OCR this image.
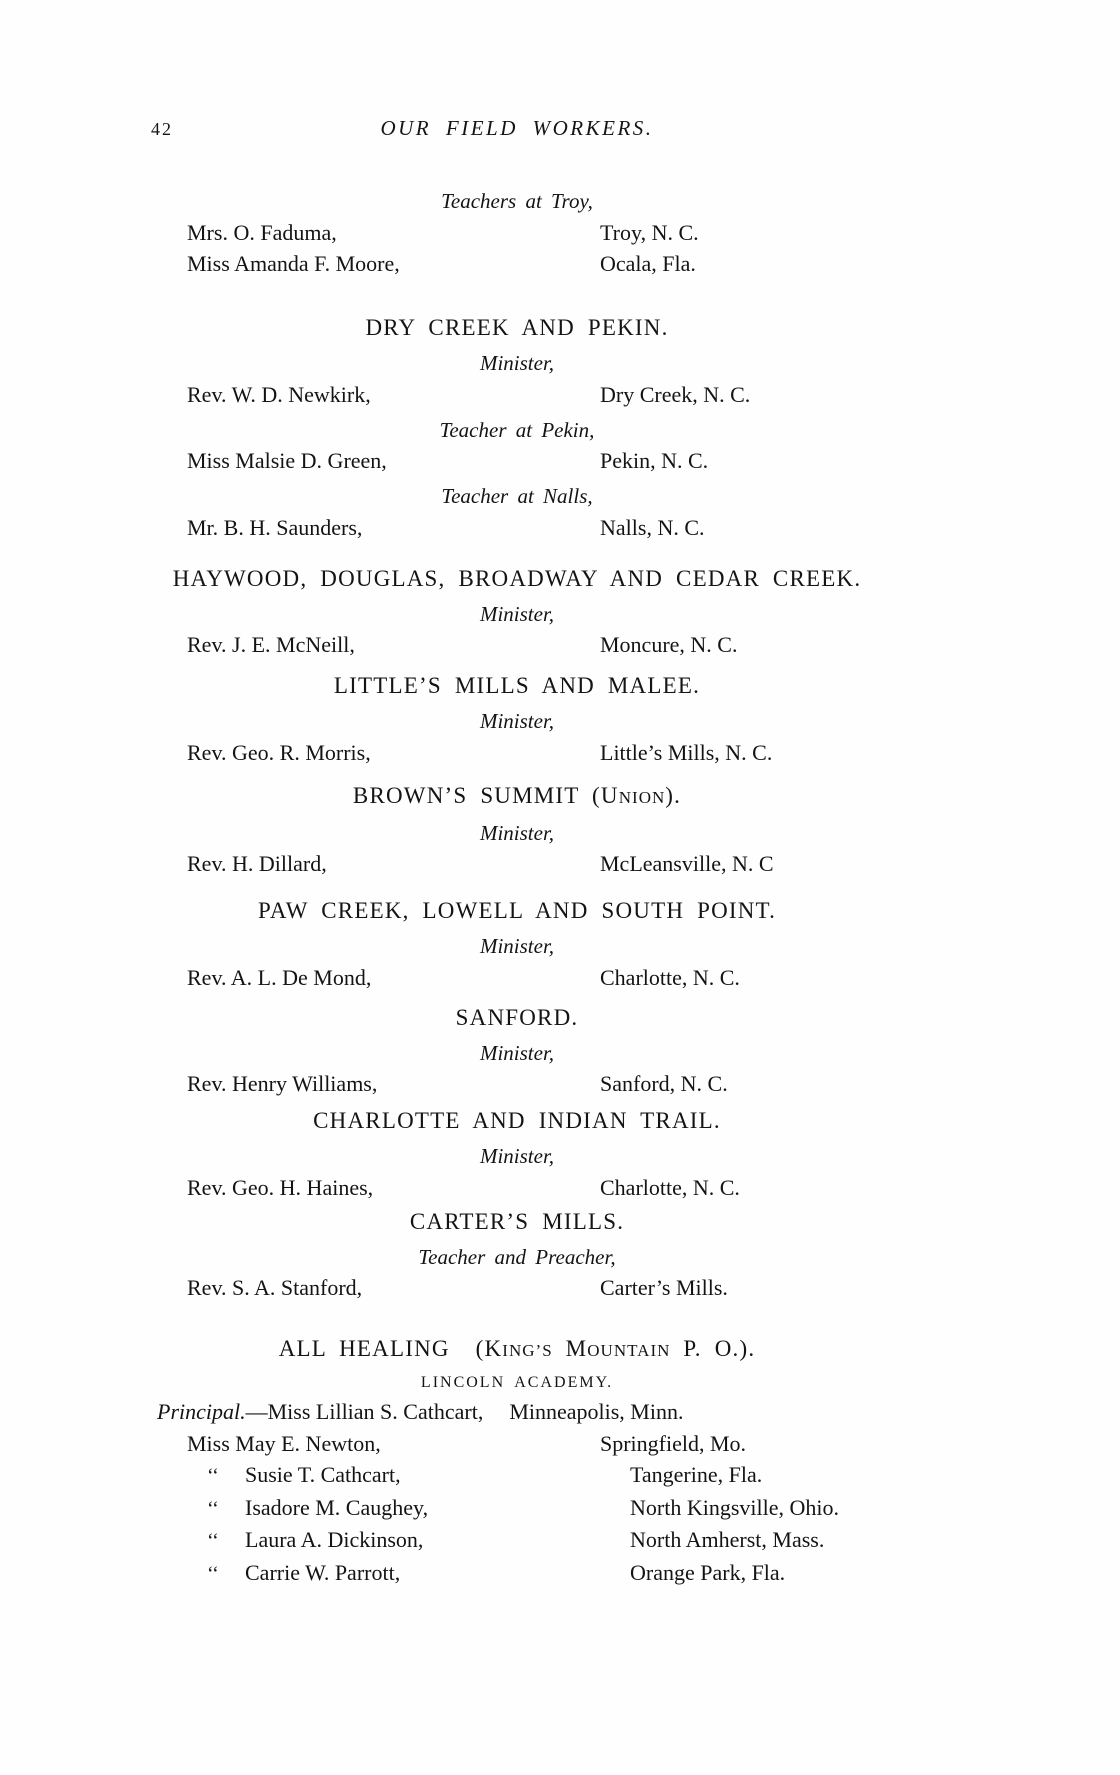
42	OUR FIELD WORKERS.

Teachers at Troy,

Mrs. O. Faduma,	Troy, N. C.
Miss Amanda F. Moore,	Ocala, Fla.
DRY CREEK AND PEKIN.

Minister,

Rev. W. D. Newkirk,	Dry Creek, N. C.

Teacher at Pekin,

Miss Malsie D. Green,	Pekin, N. C.

Teacher at Nalls,

Mr. B. H. Saunders,	Nalls, N. C.
HAYWOOD, DOUGLAS, BROADWAY AND CEDAR CREEK.

Minister,

Rev. J. E. McNeill,	Moncure, N. C.
LITTLE’S MILLS AND MALEE.

Minister,

Rev. Geo. R. Morris,	Little’s Mills, N. C.
BROWN’S SUMMIT (UNION).

Minister,

Rev. H. Dillard,	McLeansville, N. C
PAW CREEK, LOWELL AND SOUTH POINT.

Minister,

Rev. A. L. De Mond,	Charlotte, N. C.
SANFORD.

Minister,

Rev. Henry Williams,	Sanford, N. C.
CHARLOTTE AND INDIAN TRAIL.

Minister,

Rev. Geo. H. Haines,	Charlotte, N. C.
CARTER’S MILLS.

Teacher and Preacher,

Rev. S. A. Stanford,	Carter’s Mills.
ALL HEALING  (KING’S MOUNTAIN P. O.).
LINCOLN ACADEMY.

Principal.—Miss Lillian S. Cathcart, Minneapolis, Minn.

Miss May E. Newton,	Springfield, Mo.
‘‘	Susie T. Cathcart,	Tangerine, Fla.
‘‘	Isadore M. Caughey,	North Kingsville, Ohio.
‘‘	Laura A. Dickinson,	North Amherst, Mass.
‘‘	Carrie W. Parrott,	Orange Park, Fla.
